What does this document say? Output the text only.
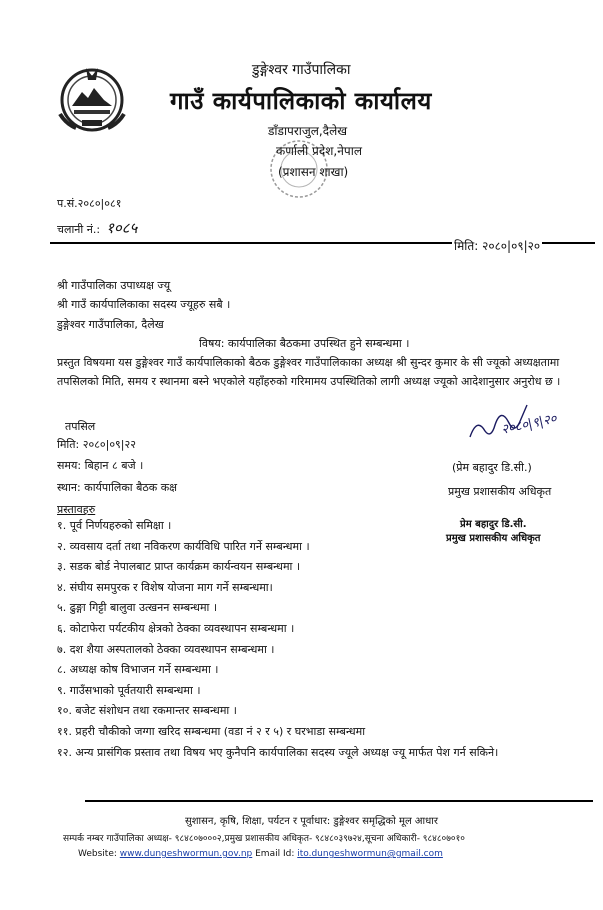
डुङ्गेश्वर गाउँपालिका
गाउँ कार्यपालिकाको कार्यालय
डाँडापराजुल,दैलेख
कर्णाली प्रदेश,नेपाल
(प्रशासन शाखा)
प.सं.२०८०|०८१
चलानी नं.: १०८५
मिति: २०८०|०९|२०
श्री गाउँपालिका उपाध्यक्ष ज्यू
श्री गाउँ कार्यपालिकाका सदस्य ज्यूहरु सबै ।
डुङ्गेश्वर गाउँपालिका, दैलेख
विषय: कार्यपालिका बैठकमा उपस्थित हुने सम्बन्धमा ।
प्रस्तुत विषयमा यस डुङ्गेश्वर गाउँ कार्यपालिकाको बैठक डुङ्गेश्वर गाउँपालिकाका अध्यक्ष श्री सुन्दर कुमार के सी ज्यूको अध्यक्षतामा तपसिलको मिति, समय र स्थानमा बस्ने भएकोले यहाँहरुको गरिमामय उपस्थितिको लागी अध्यक्ष ज्यूको आदेशानुसार अनुरोध छ ।
तपसिल
मिति: २०८०|०९|२२
समय: बिहान ८ बजे ।
स्थान: कार्यपालिका बैठक कक्ष
२०८०|९|२०
(प्रेम बहादुर डि.सी.)
प्रमुख प्रशासकीय अधिकृत
प्रेम बहादुर डि.सी.
प्रमुख प्रशासकीय अधिकृत
प्रस्तावहरु
१. पूर्व निर्णयहरुको समिक्षा ।
२. व्यवसाय दर्ता तथा नविकरण कार्यविधि पारित गर्ने सम्बन्धमा ।
३. सडक बोर्ड नेपालबाट प्राप्त कार्यक्रम कार्यन्वयन सम्बन्धमा ।
४. संघीय समपुरक र विशेष योजना माग गर्ने सम्बन्धमा।
५. ढुङ्गा गिट्टी बालुवा उत्खनन सम्बन्धमा ।
६. कोटाफेरा पर्यटकीय क्षेत्रको ठेक्का व्यवस्थापन सम्बन्धमा ।
७. दश शैया अस्पतालको ठेक्का व्यवस्थापन सम्बन्धमा ।
८. अध्यक्ष कोष विभाजन गर्ने सम्बन्धमा ।
९. गाउँसभाको पूर्वतयारी सम्बन्धमा ।
१०. बजेट संशोधन तथा रकमान्तर सम्बन्धमा ।
११. प्रहरी चौकीको जग्गा खरिद सम्बन्धमा (वडा नं २ र ५) र घरभाडा सम्बन्धमा
१२. अन्य प्रासंगिक प्रस्ताव तथा विषय भए कुनैपनि कार्यपालिका सदस्य ज्यूले अध्यक्ष ज्यू मार्फत पेश गर्न सकिने।
सुशासन, कृषि, शिक्षा, पर्यटन र पूर्वाधार: डुङ्गेश्वर समृद्धिको मूल आधार
सम्पर्क नम्बर गाउँपालिका अध्यक्ष- ९८४८०७०००२,प्रमुख प्रशासकीय अधिकृत- ९८४८०३९७२४,सूचना अधिकारी- ९८४८०७०१०
Website: www.dungeshwormun.gov.np Email Id: ito.dungeshwormun@gmail.com
